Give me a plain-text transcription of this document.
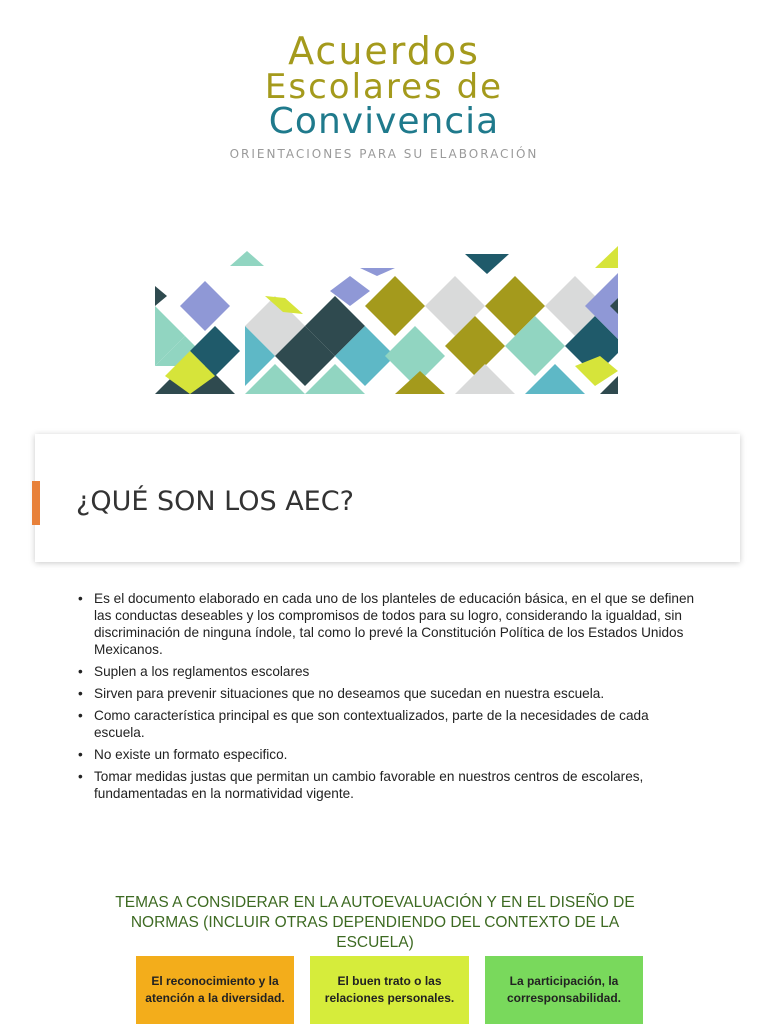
Acuerdos
Escolares de
Convivencia
ORIENTACIONES PARA SU ELABORACIÓN
¿QUÉ SON LOS AEC?
• Es el documento elaborado en cada uno de los planteles de educación básica, en el que se definen las conductas deseables y los compromisos de todos para su logro, considerando la igualdad, sin discriminación de ninguna índole, tal como lo prevé la Constitución Política de los Estados Unidos Mexicanos.
• Suplen a los reglamentos escolares
• Sirven para prevenir situaciones que no deseamos que sucedan en nuestra escuela.
• Como característica principal es que son contextualizados, parte de la necesidades de cada escuela.
• No existe un formato especifico.
• Tomar medidas justas que permitan un cambio favorable en nuestros centros de escolares, fundamentadas en la normatividad vigente.
TEMAS A CONSIDERAR EN LA AUTOEVALUACIÓN Y EN EL DISEÑO DE NORMAS (INCLUIR OTRAS DEPENDIENDO DEL CONTEXTO DE LA ESCUELA)
El reconocimiento y la atención a la diversidad.
El buen trato o las relaciones personales.
La participación, la corresponsabilidad.
